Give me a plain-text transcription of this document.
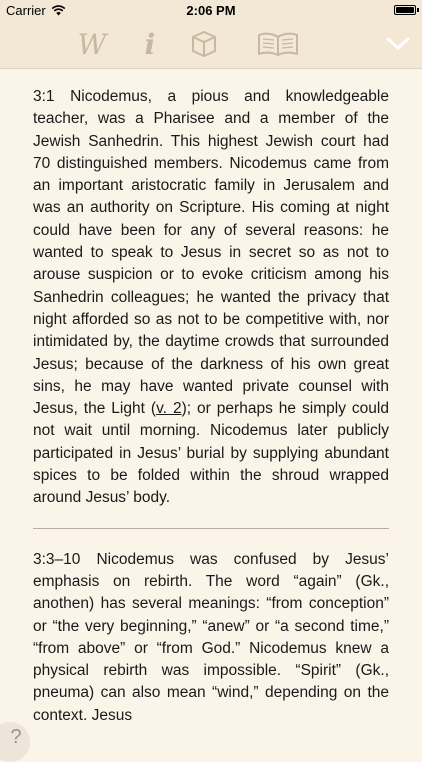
Carrier	2:06 PM
W i

3:1 Nicodemus, a pious and knowledgeable teacher, was a Pharisee and a member of the Jewish Sanhedrin. This highest Jewish court had 70 distinguished members. Nicodemus came from an important aristocratic family in Jerusalem and was an authority on Scripture. His coming at night could have been for any of several reasons: he wanted to speak to Jesus in secret so as not to arouse suspicion or to evoke criticism among his Sanhedrin colleagues; he wanted the privacy that night afforded so as not to be competitive with, nor intimidated by, the daytime crowds that surrounded Jesus; because of the darkness of his own great sins, he may have wanted private counsel with Jesus, the Light (v. 2); or perhaps he simply could not wait until morning. Nicodemus later publicly participated in Jesus’ burial by supplying abundant spices to be folded within the shroud wrapped around Jesus’ body.

3:3–10 Nicodemus was confused by Jesus’ emphasis on rebirth. The word “again” (Gk., anothen) has several meanings: “from conception” or “the very beginning,” “anew” or “a second time,” “from above” or “from God.” Nicodemus knew a physical rebirth was impossible. “Spirit” (Gk., pneuma) can also mean “wind,” depending on the context. Jesus

?
